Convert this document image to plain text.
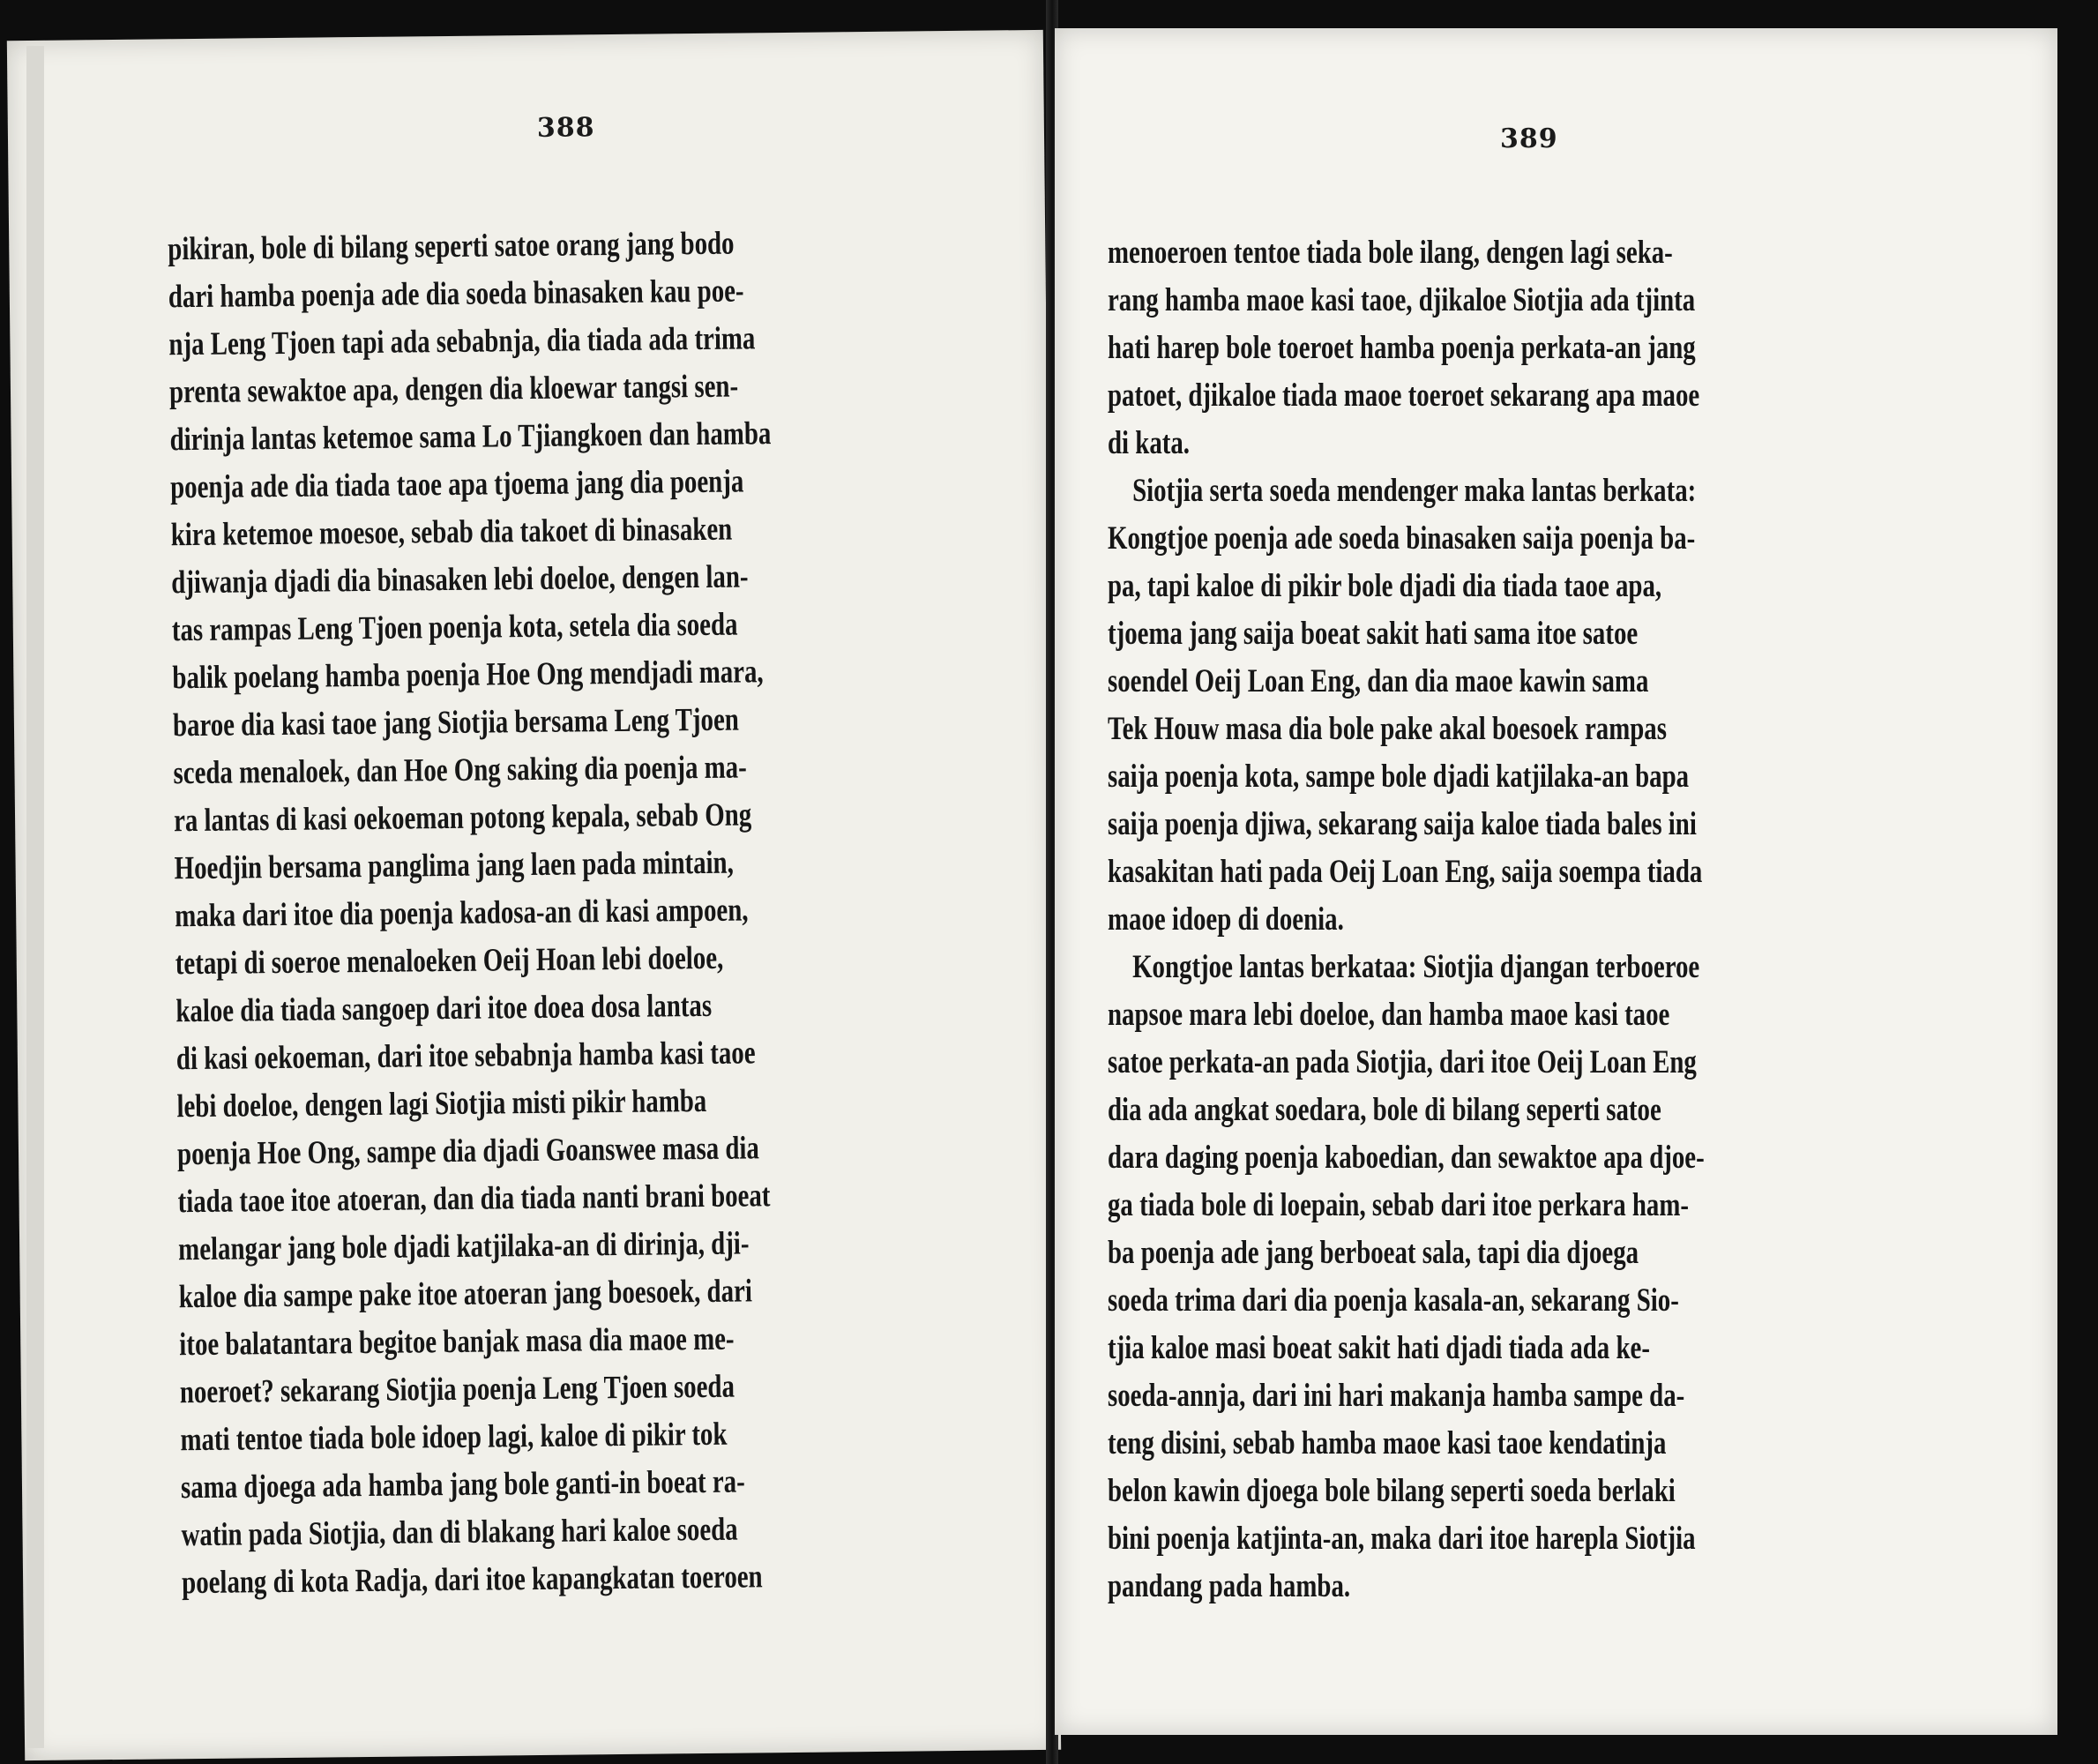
388
pikiran, bole di bilang seperti satoe orang jang bodo
dari hamba poenja ade dia soeda binasaken kau poe-
nja Leng Tjoen tapi ada sebabnja, dia tiada ada trima
prenta sewaktoe apa, dengen dia kloewar tangsi sen-
dirinja lantas ketemoe sama Lo Tjiangkoen dan hamba
poenja ade dia tiada taoe apa tjoema jang dia poenja
kira ketemoe moesoe, sebab dia takoet di binasaken
djiwanja djadi dia binasaken lebi doeloe, dengen lan-
tas rampas Leng Tjoen poenja kota, setela dia soeda
balik poelang hamba poenja Hoe Ong mendjadi mara,
baroe dia kasi taoe jang Siotjia bersama Leng Tjoen
sceda menaloek, dan Hoe Ong saking dia poenja ma-
ra lantas di kasi oekoeman potong kepala, sebab Ong
Hoedjin bersama panglima jang laen pada mintain,
maka dari itoe dia poenja kadosa-an di kasi ampoen,
tetapi di soeroe menaloeken Oeij Hoan lebi doeloe,
kaloe dia tiada sangoep dari itoe doea dosa lantas
di kasi oekoeman, dari itoe sebabnja hamba kasi taoe
lebi doeloe, dengen lagi Siotjia misti pikir hamba
poenja Hoe Ong, sampe dia djadi Goanswee masa dia
tiada taoe itoe atoeran, dan dia tiada nanti brani boeat
melangar jang bole djadi katjilaka-an di dirinja, dji-
kaloe dia sampe pake itoe atoeran jang boesoek, dari
itoe balatantara begitoe banjak masa dia maoe me-
noeroet? sekarang Siotjia poenja Leng Tjoen soeda
mati tentoe tiada bole idoep lagi, kaloe di pikir tok
sama djoega ada hamba jang bole ganti-in boeat ra-
watin pada Siotjia, dan di blakang hari kaloe soeda
poelang di kota Radja, dari itoe kapangkatan toeroen
389
menoeroen tentoe tiada bole ilang, dengen lagi seka-
rang hamba maoe kasi taoe, djikaloe Siotjia ada tjinta
hati harep bole toeroet hamba poenja perkata-an jang
patoet, djikaloe tiada maoe toeroet sekarang apa maoe
di kata.
Siotjia serta soeda mendenger maka lantas berkata:
Kongtjoe poenja ade soeda binasaken saija poenja ba-
pa, tapi kaloe di pikir bole djadi dia tiada taoe apa,
tjoema jang saija boeat sakit hati sama itoe satoe
soendel Oeij Loan Eng, dan dia maoe kawin sama
Tek Houw masa dia bole pake akal boesoek rampas
saija poenja kota, sampe bole djadi katjilaka-an bapa
saija poenja djiwa, sekarang saija kaloe tiada bales ini
kasakitan hati pada Oeij Loan Eng, saija soempa tiada
maoe idoep di doenia.
Kongtjoe lantas berkataa: Siotjia djangan terboeroe
napsoe mara lebi doeloe, dan hamba maoe kasi taoe
satoe perkata-an pada Siotjia, dari itoe Oeij Loan Eng
dia ada angkat soedara, bole di bilang seperti satoe
dara daging poenja kaboedian, dan sewaktoe apa djoe-
ga tiada bole di loepain, sebab dari itoe perkara ham-
ba poenja ade jang berboeat sala, tapi dia djoega
soeda trima dari dia poenja kasala-an, sekarang Sio-
tjia kaloe masi boeat sakit hati djadi tiada ada ke-
soeda-annja, dari ini hari makanja hamba sampe da-
teng disini, sebab hamba maoe kasi taoe kendatinja
belon kawin djoega bole bilang seperti soeda berlaki
bini poenja katjinta-an, maka dari itoe harepla Siotjia
pandang pada hamba.
